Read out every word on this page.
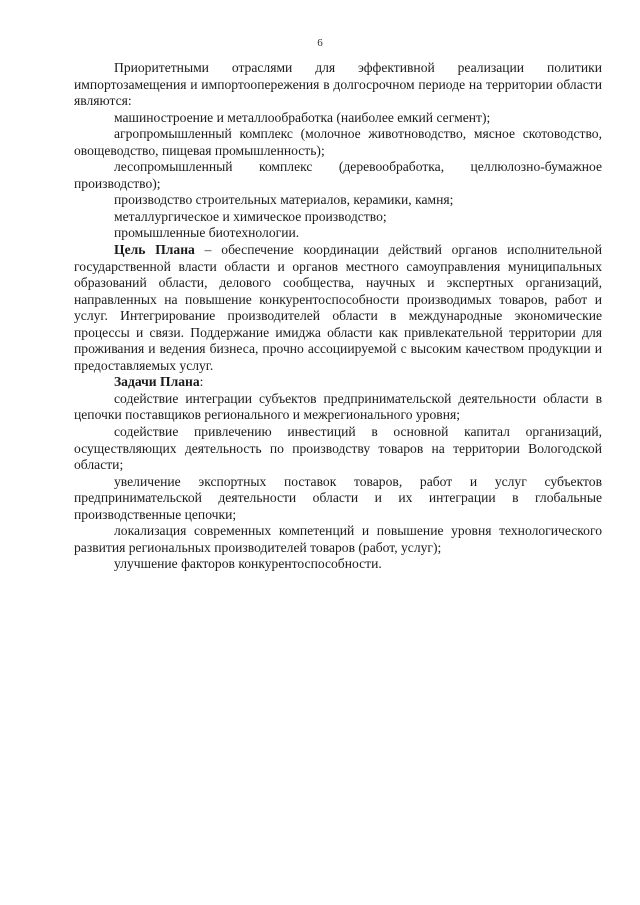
6

Приоритетными отраслями для эффективной реализации политики импортозамещения и импортоопережения в долгосрочном периоде на территории области являются:

машиностроение и металлообработка (наиболее емкий сегмент);

агропромышленный комплекс (молочное животноводство, мясное скотоводство, овощеводство, пищевая промышленность);

лесопромышленный комплекс (деревообработка, целлюлозно-бумажное производство);

производство строительных материалов, керамики, камня;

металлургическое и химическое производство;

промышленные биотехнологии.

Цель Плана – обеспечение координации действий органов исполнительной государственной власти области и органов местного самоуправления муниципальных образований области, делового сообщества, научных и экспертных организаций, направленных на повышение конкурентоспособности производимых товаров, работ и услуг. Интегрирование производителей области в международные экономические процессы и связи. Поддержание имиджа области как привлекательной территории для проживания и ведения бизнеса, прочно ассоциируемой с высоким качеством продукции и предоставляемых услуг.

Задачи Плана:

содействие интеграции субъектов предпринимательской деятельности области в цепочки поставщиков регионального и межрегионального уровня;

содействие привлечению инвестиций в основной капитал организаций, осуществляющих деятельность по производству товаров на территории Вологодской области;

увеличение экспортных поставок товаров, работ и услуг субъектов предпринимательской деятельности области и их интеграции в глобальные производственные цепочки;

локализация современных компетенций и повышение уровня технологического развития региональных производителей товаров (работ, услуг);

улучшение факторов конкурентоспособности.
